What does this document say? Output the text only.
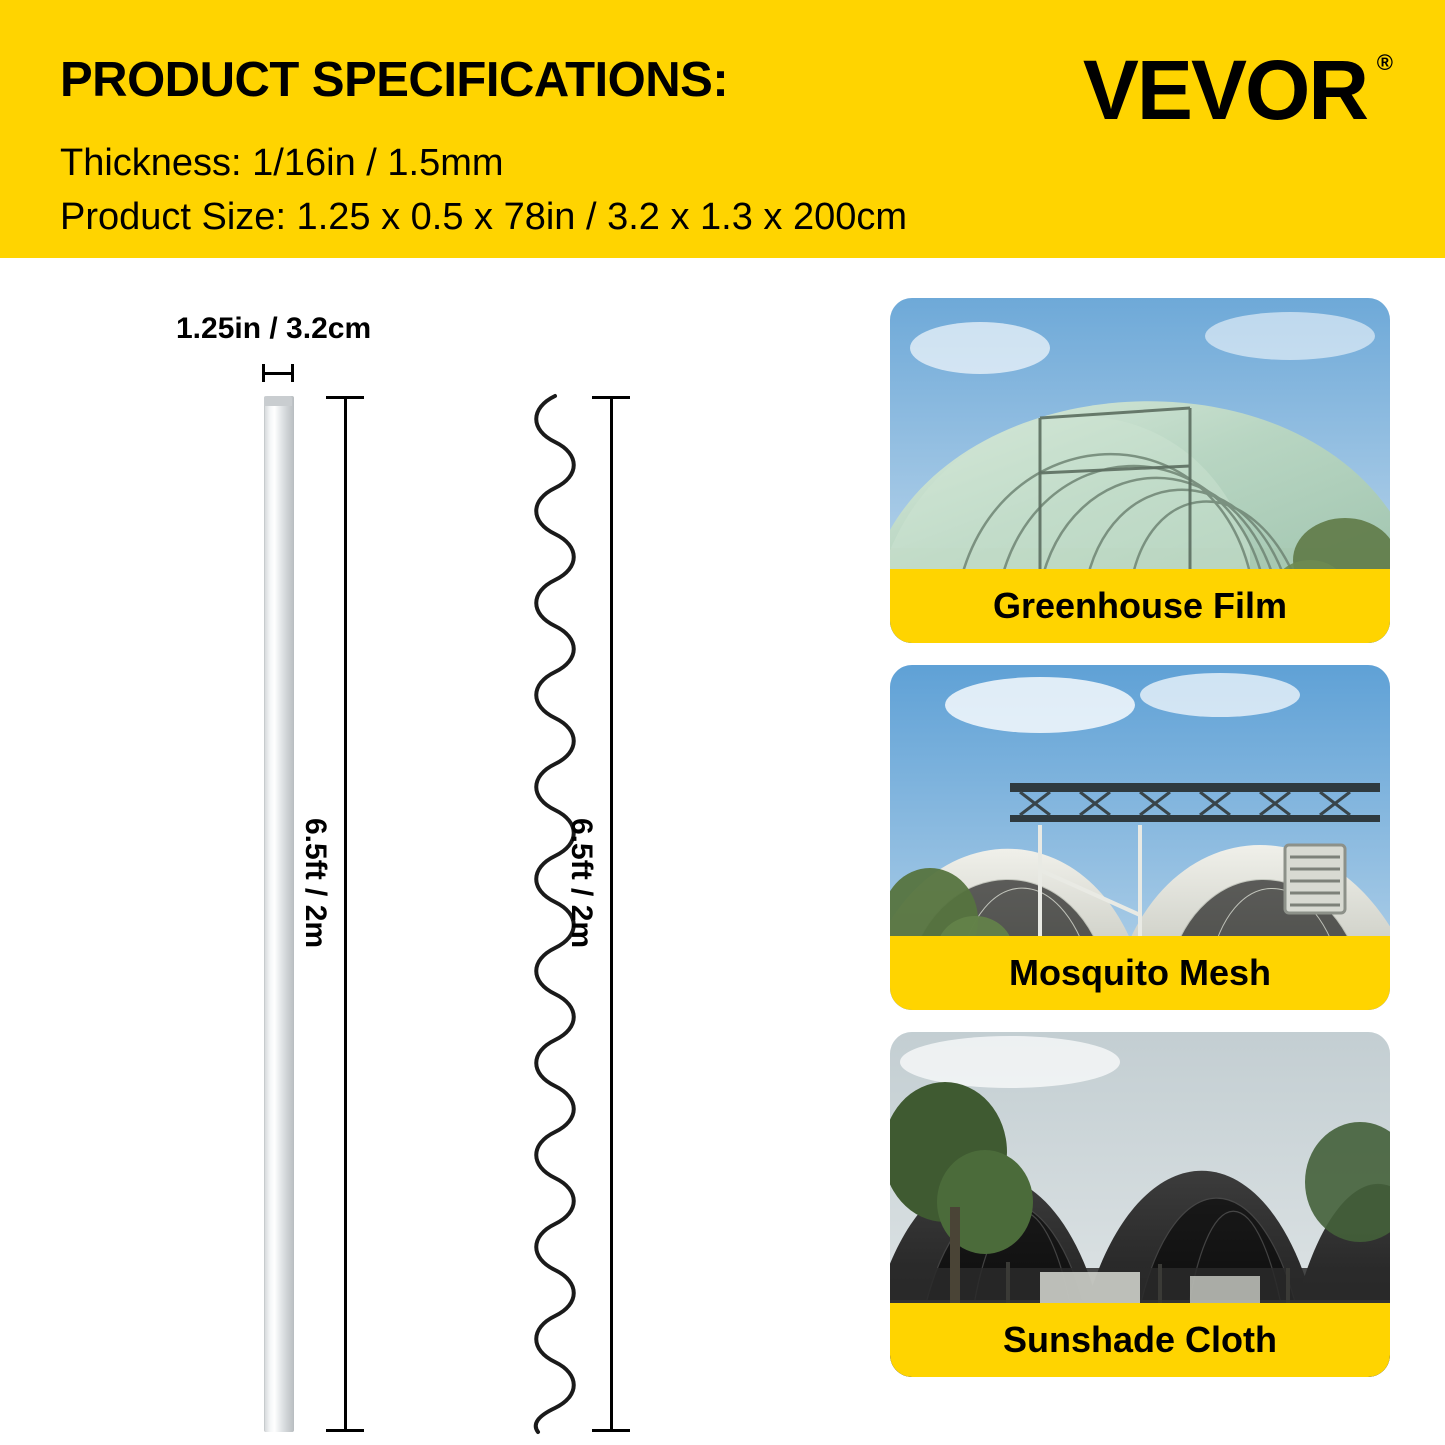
PRODUCT SPECIFICATIONS:
Thickness: 1/16in / 1.5mm
Product Size: 1.25 x 0.5 x 78in / 3.2 x 1.3 x 200cm
VEVOR ®
1.25in / 3.2cm
6.5ft / 2m	6.5ft / 2m
Greenhouse Film
Mosquito Mesh
Sunshade Cloth
